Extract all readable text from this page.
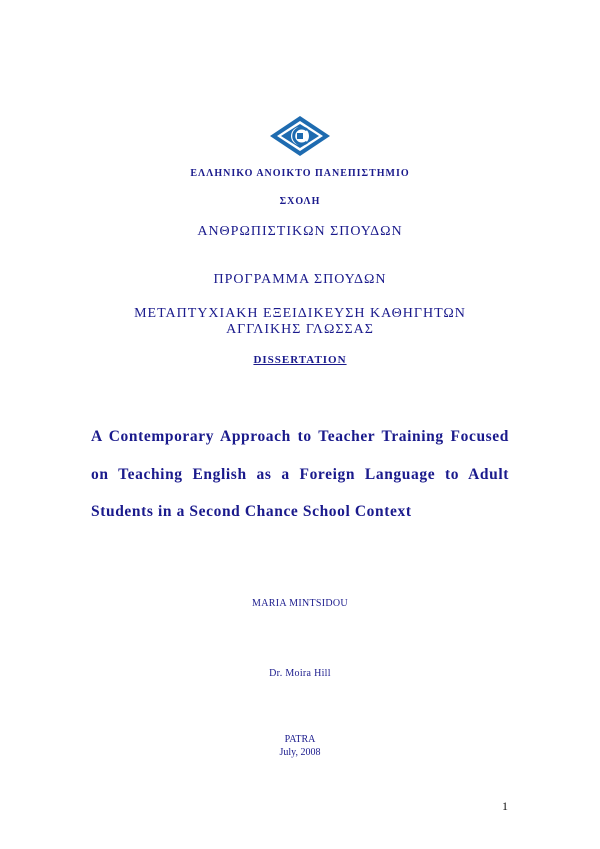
ΕΛΛΗΝΙΚΟ ΑΝΟΙΚΤΟ ΠΑΝΕΠΙΣΤΗΜΙΟ
ΣΧΟΛΗ
ΑΝΘΡΩΠΙΣΤΙΚΩΝ ΣΠΟΥΔΩΝ
ΠΡΟΓΡΑΜΜΑ ΣΠΟΥΔΩΝ
ΜΕΤΑΠΤΥΧΙΑΚΗ ΕΞΕΙΔΙΚΕΥΣΗ ΚΑΘΗΓΗΤΩΝ
ΑΓΓΛΙΚΗΣ ΓΛΩΣΣΑΣ
DISSERTATION
A Contemporary Approach to Teacher Training Focused on Teaching English as a Foreign Language to Adult Students in a Second Chance School Context
MARIA MINTSIDOU
Dr. Moira Hill
PATRA
July, 2008
1
